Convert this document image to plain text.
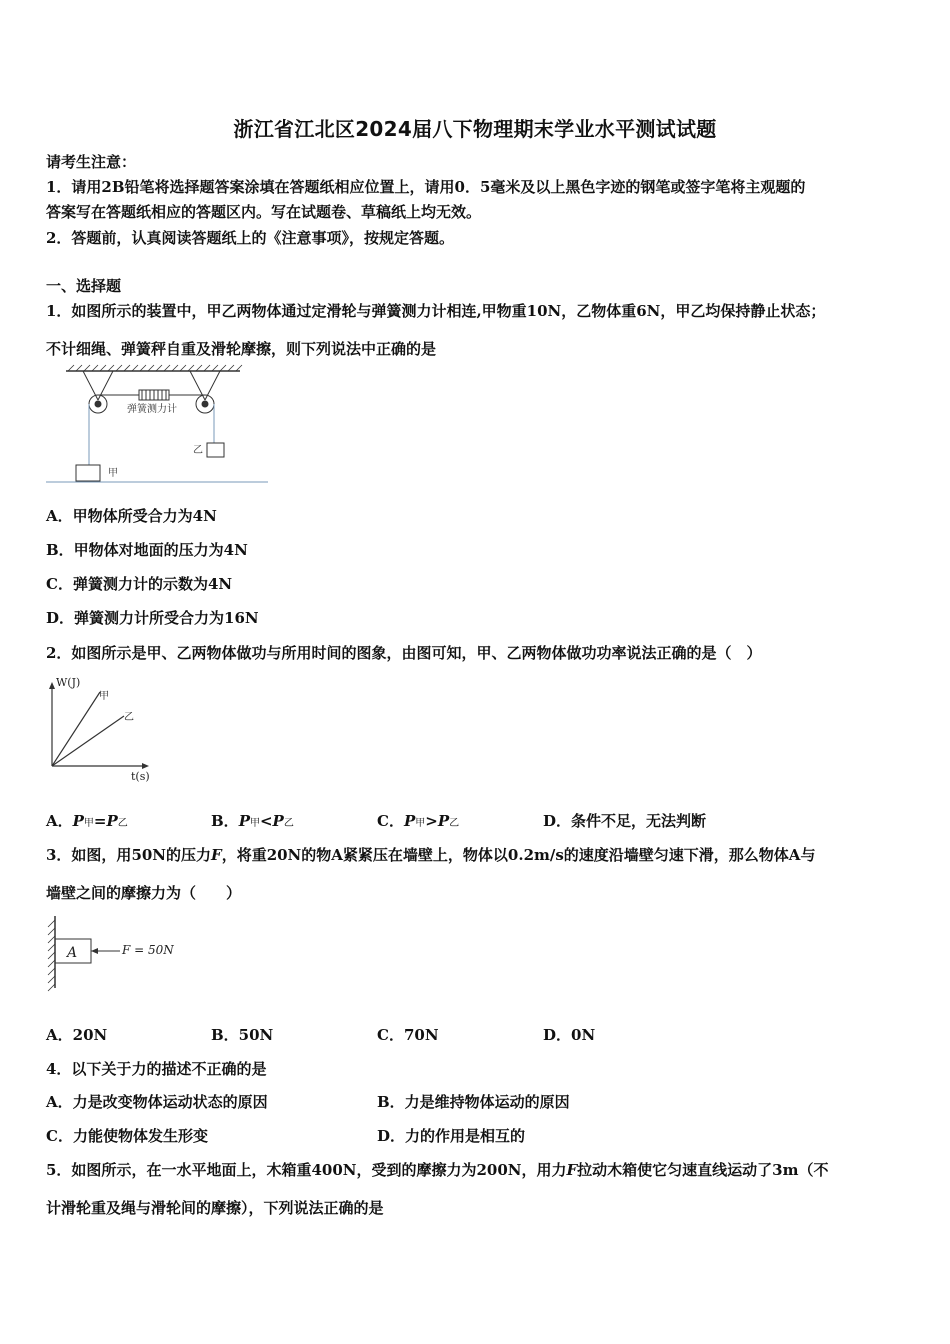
浙江省江北区2024届八下物理期末学业水平测试试题
请考生注意：
1．请用2B铅笔将选择题答案涂填在答题纸相应位置上，请用0．5毫米及以上黑色字迹的钢笔或签字笔将主观题的
答案写在答题纸相应的答题区内。写在试题卷、草稿纸上均无效。
2．答题前，认真阅读答题纸上的《注意事项》，按规定答题。
一、选择题
1．如图所示的装置中，甲乙两物体通过定滑轮与弹簧测力计相连,甲物重10N，乙物体重6N，甲乙均保持静止状态；
不计细绳、弹簧秤自重及滑轮摩擦，则下列说法中正确的是
弹簧测力计
甲
乙
A．甲物体所受合力为4N
B．甲物体对地面的压力为4N
C．弹簧测力计的示数为4N
D．弹簧测力计所受合力为16N
2．如图所示是甲、乙两物体做功与所用时间的图象，由图可知，甲、乙两物体做功功率说法正确的是（　）
W(J)
t(s)
甲
乙
A．P甲=P乙	B．P甲<P乙	C．P甲>P乙	D．条件不足，无法判断
3．如图，用50N的压力F，将重20N的物A紧紧压在墙壁上，物体以0.2m/s的速度沿墙壁匀速下滑，那么物体A与
墙壁之间的摩擦力为（　　）
A	F = 50N
A．20N	B．50N	C．70N	D．0N
4．以下关于力的描述不正确的是
A．力是改变物体运动状态的原因	B．力是维持物体运动的原因
C．力能使物体发生形变	D．力的作用是相互的
5．如图所示，在一水平地面上，木箱重400N，受到的摩擦力为200N，用力F拉动木箱使它匀速直线运动了3m（不
计滑轮重及绳与滑轮间的摩擦），下列说法正确的是
